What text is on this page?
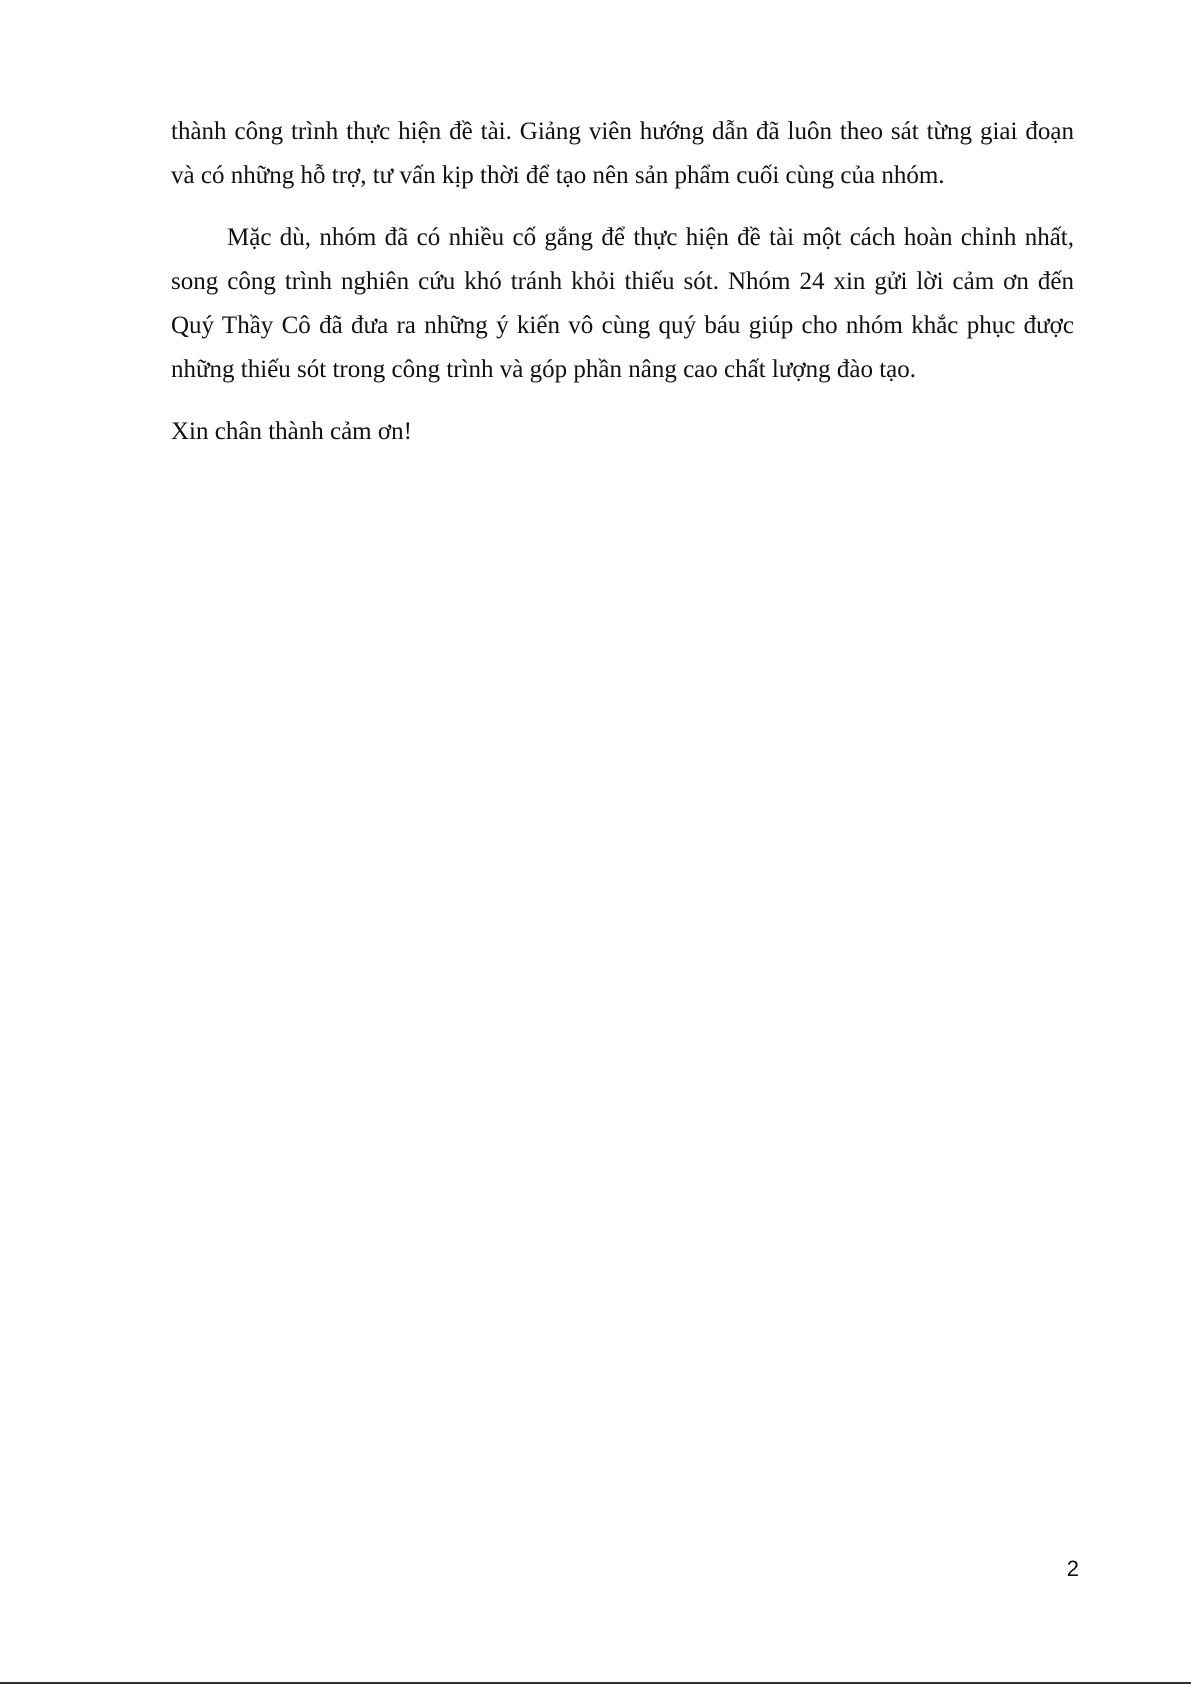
thành công trình thực hiện đề tài. Giảng viên hướng dẫn đã luôn theo sát từng giai đoạn và có những hỗ trợ, tư vấn kịp thời để tạo nên sản phẩm cuối cùng của nhóm.

Mặc dù, nhóm đã có nhiều cố gắng để thực hiện đề tài một cách hoàn chỉnh nhất, song công trình nghiên cứu khó tránh khỏi thiếu sót. Nhóm 24 xin gửi lời cảm ơn đến Quý Thầy Cô đã đưa ra những ý kiến vô cùng quý báu giúp cho nhóm khắc phục được những thiếu sót trong công trình và góp phần nâng cao chất lượng đào tạo.

Xin chân thành cảm ơn!

2
